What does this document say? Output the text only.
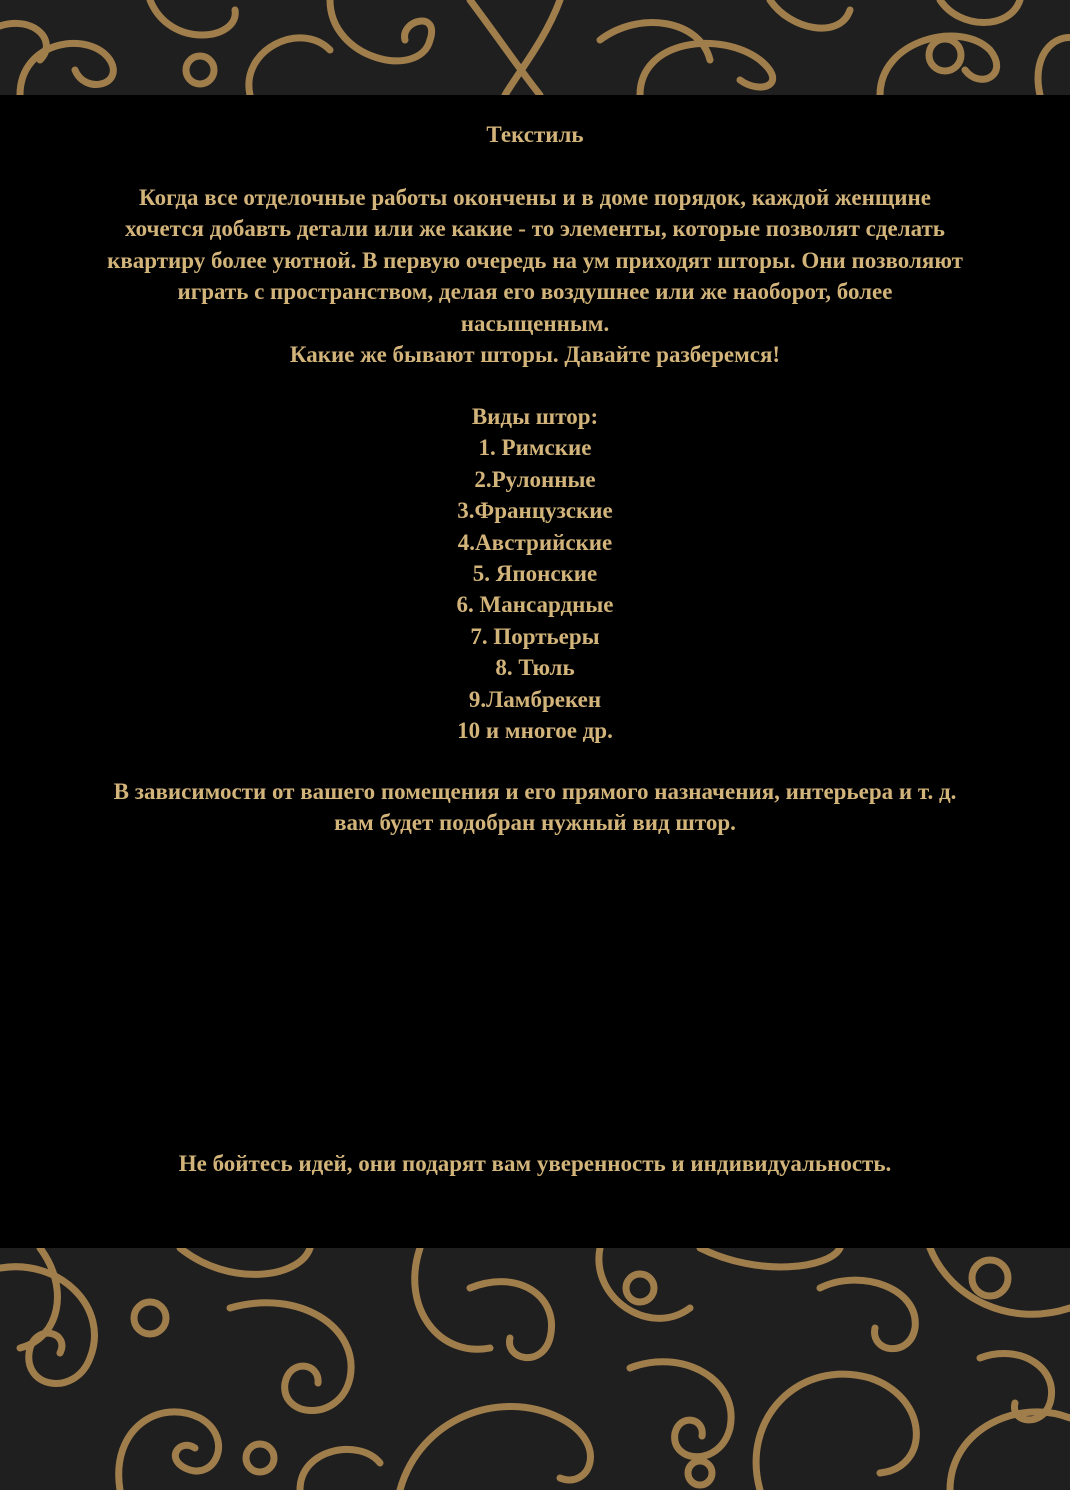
Текстиль

Когда все отделочные работы окончены и в доме порядок, каждой женщине

хочется добавть детали или же какие - то элементы, которые позволят сделать

квартиру более уютной. В первую очередь на ум приходят шторы. Они позволяют

играть с пространством, делая его воздушнее или же наоборот, более

насыщенным.

Какие же бывают шторы. Давайте разберемся!

Виды штор:
1. Римские
2.Рулонные
3.Французские
4.Австрийские
5. Японские
6. Мансардные
7. Портьеры
8. Тюль
9.Ламбрекен
10 и многое др.

В зависимости от вашего помещения и его прямого назначения, интерьера и т. д.

вам будет подобран нужный вид штор.

Не бойтесь идей, они подарят вам уверенность и индивидуальность.
